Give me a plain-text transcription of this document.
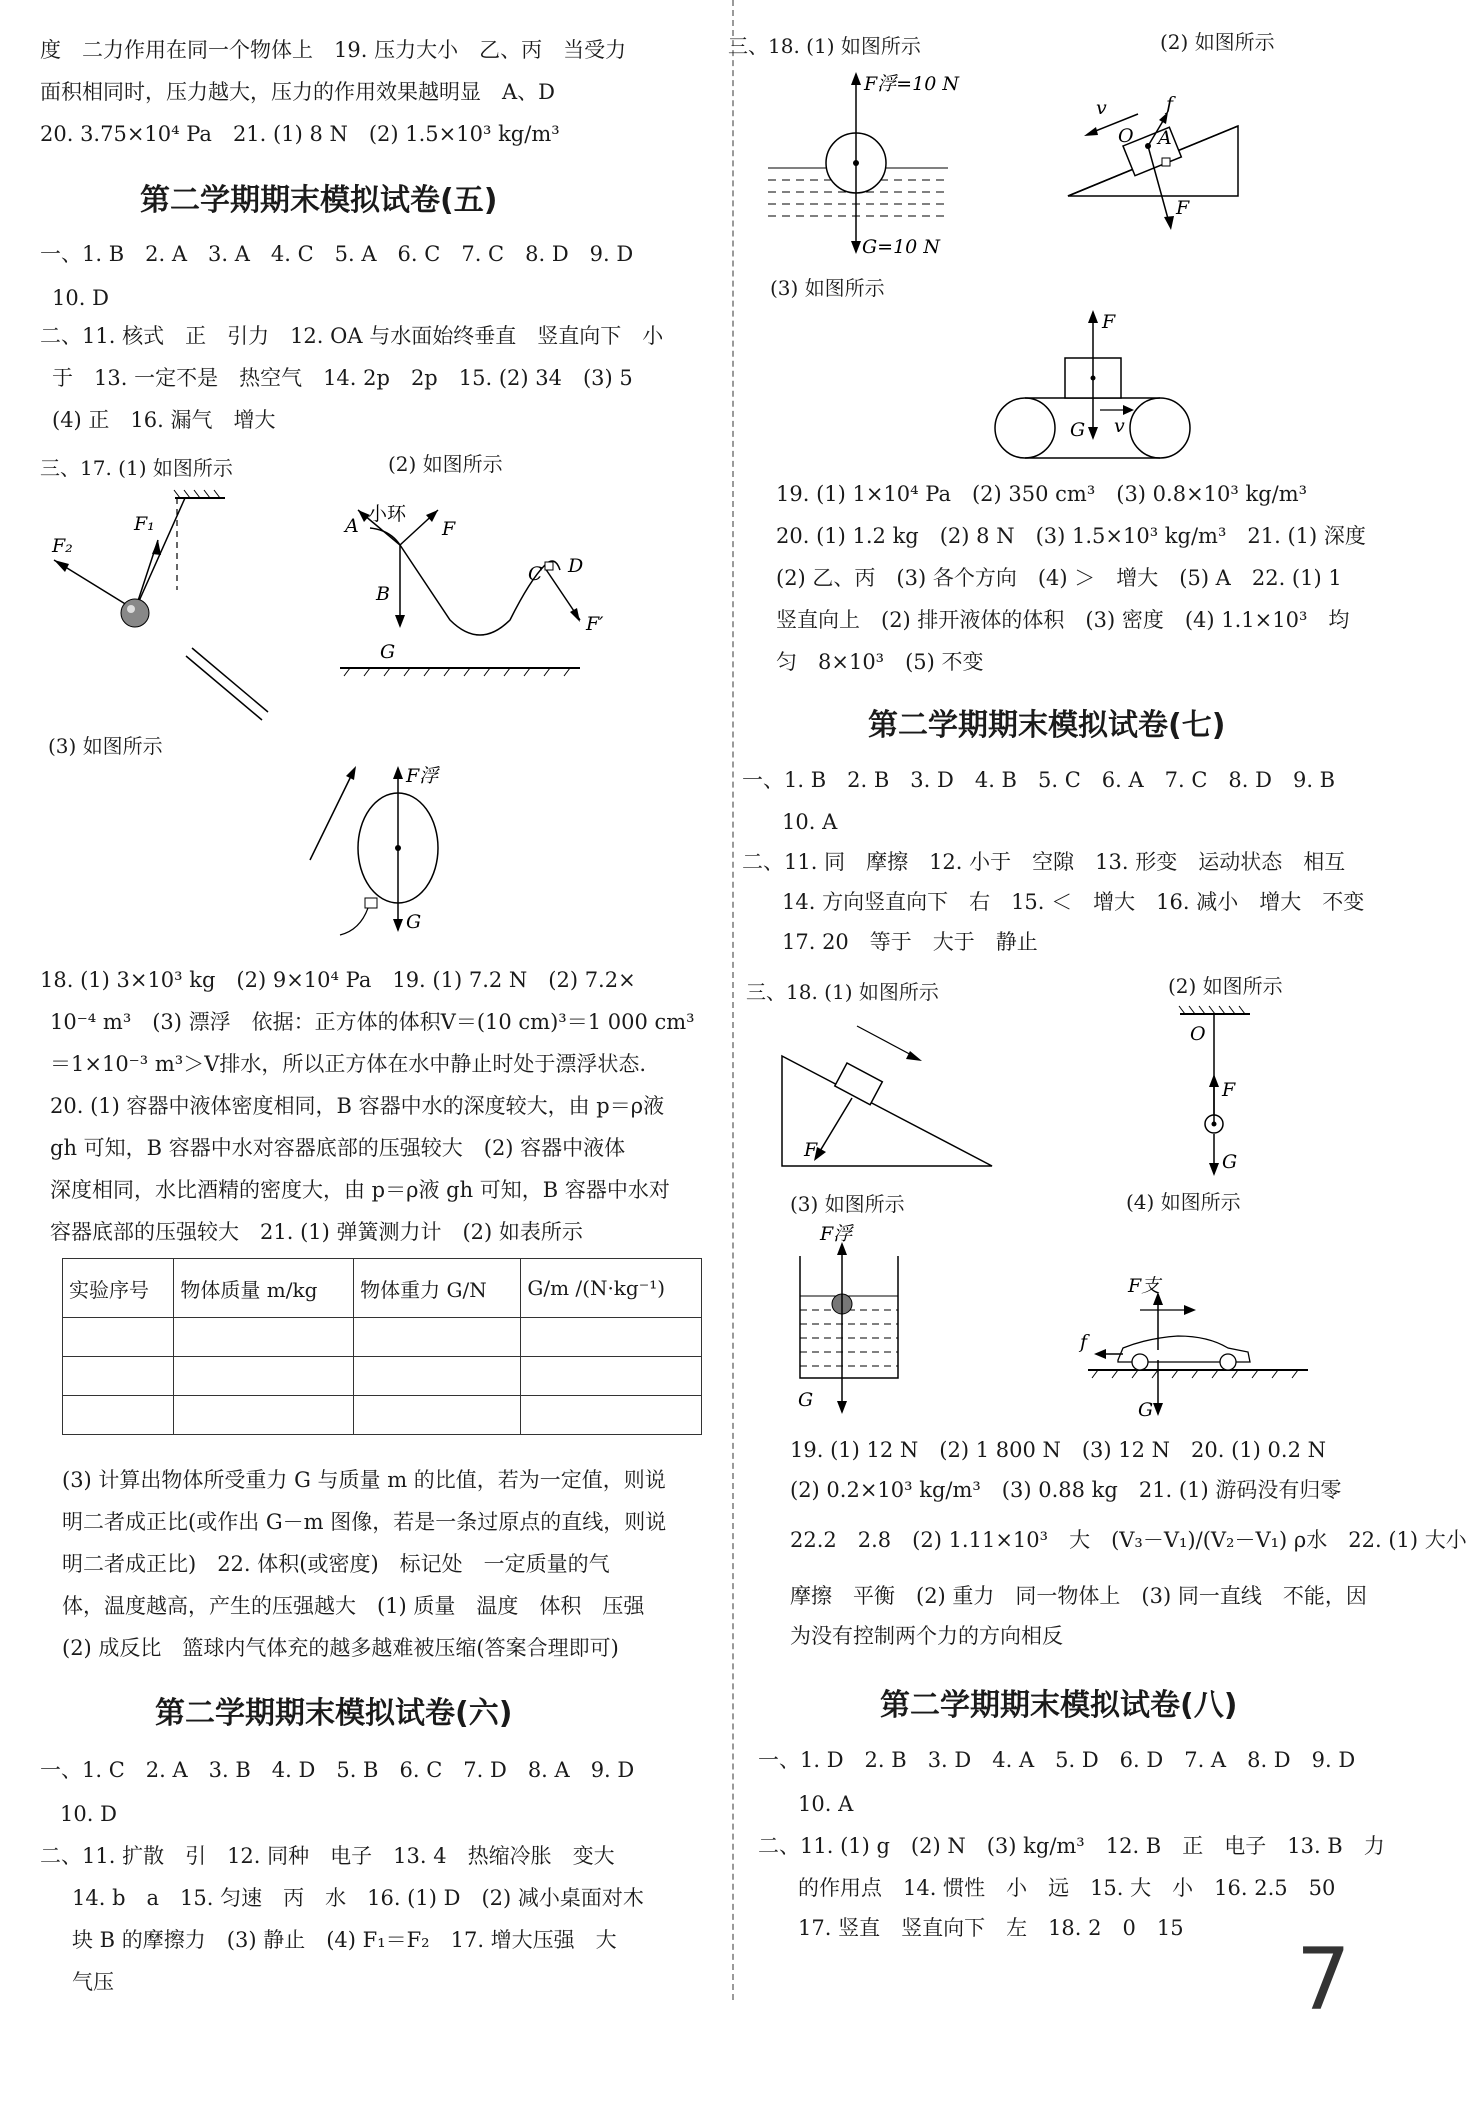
度　二力作用在同一个物体上　19. 压力大小　乙、丙　当受力
面积相同时，压力越大，压力的作用效果越明显　A、D
20. 3.75×10⁴ Pa　21. (1) 8 N　(2) 1.5×10³ kg/m³
第二学期期末模拟试卷(五)
一、1. B　2. A　3. A　4. C　5. A　6. C　7. C　8. D　9. D
10. D
二、11. 核式　正　引力　12. OA 与水面始终垂直　竖直向下　小
于　13. 一定不是　热空气　14. 2p　2p　15. (2) 34　(3) 5
(4) 正　16. 漏气　增大
三、17. (1) 如图所示	(2) 如图所示
F₁
F₂
A
小环
F
B
C D
F′
G
(3) 如图所示
F浮
G
18. (1) 3×10³ kg　(2) 9×10⁴ Pa　19. (1) 7.2 N　(2) 7.2×
10⁻⁴ m³　(3) 漂浮　依据：正方体的体积V＝(10 cm)³＝1 000 cm³
＝1×10⁻³ m³＞V排水，所以正方体在水中静止时处于漂浮状态.
20. (1) 容器中液体密度相同，B 容器中水的深度较大，由 p＝ρ液
gh 可知，B 容器中水对容器底部的压强较大　(2) 容器中液体
深度相同，水比酒精的密度大，由 p＝ρ液 gh 可知，B 容器中水对
容器底部的压强较大　21. (1) 弹簧测力计　(2) 如表所示
实验序号	物体质量 m/kg	物体重力 G/N	G/m /(N·kg⁻¹)

(3) 计算出物体所受重力 G 与质量 m 的比值，若为一定值，则说
明二者成正比(或作出 G－m 图像，若是一条过原点的直线，则说
明二者成正比)　22. 体积(或密度)　标记处　一定质量的气
体，温度越高，产生的压强越大　(1) 质量　温度　体积　压强
(2) 成反比　篮球内气体充的越多越难被压缩(答案合理即可)
第二学期期末模拟试卷(六)
一、1. C　2. A　3. B　4. D　5. B　6. C　7. D　8. A　9. D
10. D
二、11. 扩散　引　12. 同种　电子　13. 4　热缩冷胀　变大
14. b　a　15. 匀速　丙　水　16. (1) D　(2) 减小桌面对木
块 B 的摩擦力　(3) 静止　(4) F₁＝F₂　17. 增大压强　大
气压
三、18. (1) 如图所示	(2) 如图所示
F浮=10 N
G=10 N
v	f
O A
F
(3) 如图所示
F
G v
19. (1) 1×10⁴ Pa　(2) 350 cm³　(3) 0.8×10³ kg/m³
20. (1) 1.2 kg　(2) 8 N　(3) 1.5×10³ kg/m³　21. (1) 深度
(2) 乙、丙　(3) 各个方向　(4) ＞　增大　(5) A　22. (1) 1
竖直向上　(2) 排开液体的体积　(3) 密度　(4) 1.1×10³　均
匀　8×10³　(5) 不变
第二学期期末模拟试卷(七)
一、1. B　2. B　3. D　4. B　5. C　6. A　7. C　8. D　9. B
10. A
二、11. 同　摩擦　12. 小于　空隙　13. 形变　运动状态　相互
14. 方向竖直向下　右　15. ＜　增大　16. 减小　增大　不变
17. 20　等于　大于　静止
三、18. (1) 如图所示	(2) 如图所示
F
O
F
G
(3) 如图所示	(4) 如图所示
F浮
G
F支
f
G
19. (1) 12 N　(2) 1 800 N　(3) 12 N　20. (1) 0.2 N
(2) 0.2×10³ kg/m³　(3) 0.88 kg　21. (1) 游码没有归零
22.2　2.8　(2) 1.11×10³　大　(V₃－V₁)/(V₂－V₁) ρ水　22. (1) 大小
摩擦　平衡　(2) 重力　同一物体上　(3) 同一直线　不能，因
为没有控制两个力的方向相反
第二学期期末模拟试卷(八)
一、1. D　2. B　3. D　4. A　5. D　6. D　7. A　8. D　9. D
10. A
二、11. (1) g　(2) N　(3) kg/m³　12. B　正　电子　13. B　力
的作用点　14. 惯性　小　远　15. 大　小　16. 2.5　50
17. 竖直　竖直向下　左　18. 2　0　15
7
